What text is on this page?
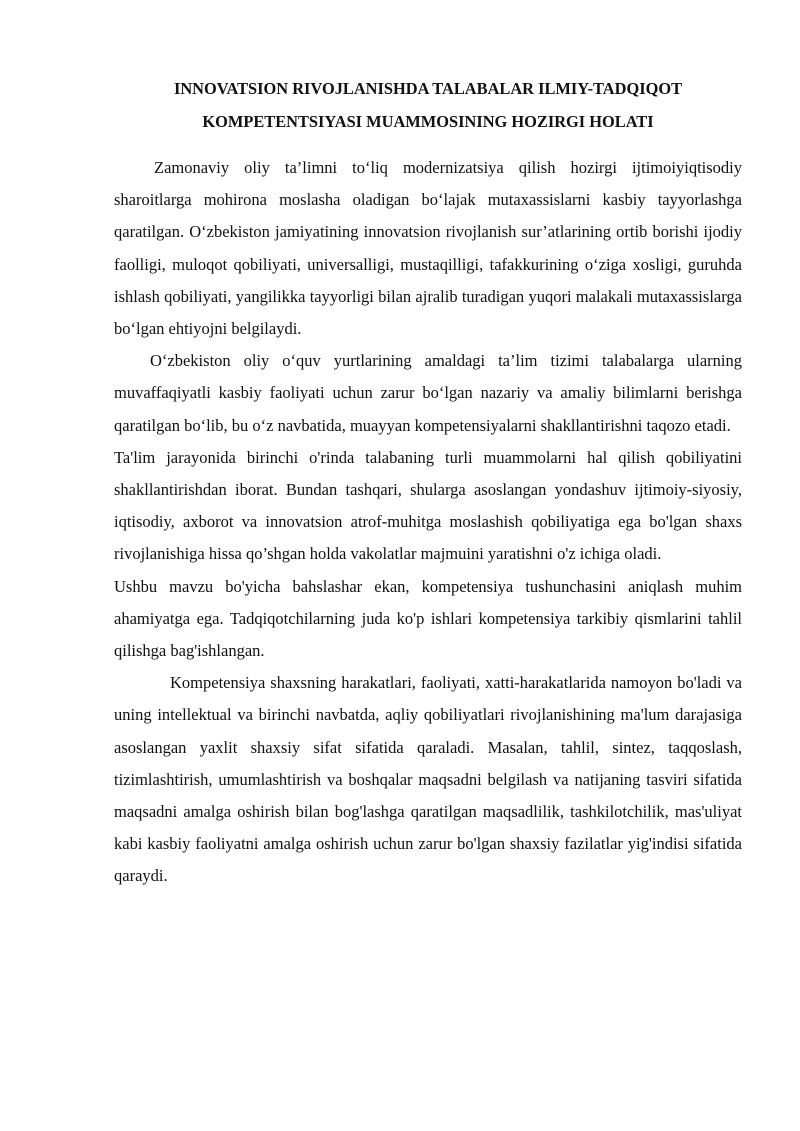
INNOVATSION RIVOJLANISHDA TALABALAR ILMIY-TADQIQOT
KOMPETENTSIYASI MUAMMOSINING HOZIRGI HOLATI

Zamonaviy oliy ta’limni to‘liq modernizatsiya qilish hozirgi ijtimoiyiqtisodiy sharoitlarga mohirona moslasha oladigan bo‘lajak mutaxassislarni kasbiy tayyorlashga qaratilgan. O‘zbekiston jamiyatining innovatsion rivojlanish sur’atlarining ortib borishi ijodiy faolligi, muloqot qobiliyati, universalligi, mustaqilligi, tafakkurining o‘ziga xosligi, guruhda ishlash qobiliyati, yangilikka tayyorligi bilan ajralib turadigan yuqori malakali mutaxassislarga bo‘lgan ehtiyojni belgilaydi.

O‘zbekiston oliy o‘quv yurtlarining amaldagi ta’lim tizimi talabalarga ularning muvaffaqiyatli kasbiy faoliyati uchun zarur bo‘lgan nazariy va amaliy bilimlarni berishga qaratilgan bo‘lib, bu o‘z navbatida, muayyan kompetensiyalarni shakllantirishni taqozo etadi.

Ta'lim jarayonida birinchi o'rinda talabaning turli muammolarni hal qilish qobiliyatini shakllantirishdan iborat. Bundan tashqari, shularga asoslangan yondashuv ijtimoiy-siyosiy, iqtisodiy, axborot va innovatsion atrof-muhitga moslashish qobiliyatiga ega bo'lgan shaxs rivojlanishiga hissa qo’shgan holda vakolatlar majmuini yaratishni o'z ichiga oladi.

Ushbu mavzu bo'yicha bahslashar ekan, kompetensiya tushunchasini aniqlash muhim ahamiyatga ega. Tadqiqotchilarning juda ko'p ishlari kompetensiya tarkibiy qismlarini tahlil qilishga bag'ishlangan.

Kompetensiya shaxsning harakatlari, faoliyati, xatti-harakatlarida namoyon bo'ladi va uning intellektual va birinchi navbatda, aqliy qobiliyatlari rivojlanishining ma'lum darajasiga asoslangan yaxlit shaxsiy sifat sifatida qaraladi. Masalan, tahlil, sintez, taqqoslash, tizimlashtirish, umumlashtirish va boshqalar maqsadni belgilash va natijaning tasviri sifatida maqsadni amalga oshirish bilan bog'lashga qaratilgan maqsadlilik, tashkilotchilik, mas'uliyat kabi kasbiy faoliyatni amalga oshirish uchun zarur bo'lgan shaxsiy fazilatlar yig'indisi sifatida qaraydi.
